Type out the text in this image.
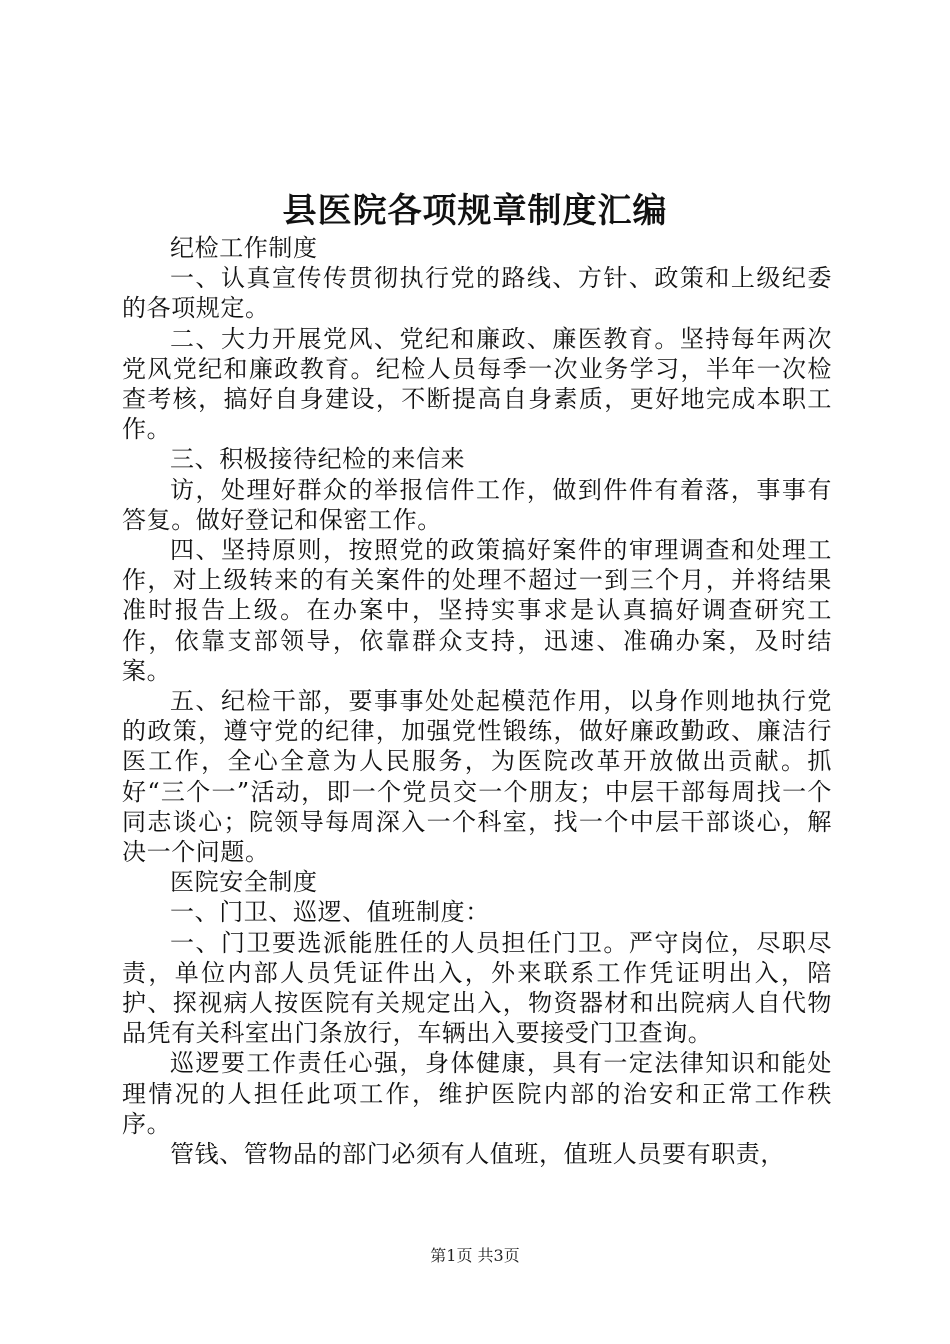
县医院各项规章制度汇编

纪检工作制度

一、认真宣传传贯彻执行党的路线、方针、政策和上级纪委的各项规定。

二、大力开展党风、党纪和廉政、廉医教育。坚持每年两次党风党纪和廉政教育。纪检人员每季一次业务学习，半年一次检查考核，搞好自身建设，不断提高自身素质，更好地完成本职工作。

三、积极接待纪检的来信来

访，处理好群众的举报信件工作，做到件件有着落，事事有答复。做好登记和保密工作。

四、坚持原则，按照党的政策搞好案件的审理调查和处理工作，对上级转来的有关案件的处理不超过一到三个月，并将结果准时报告上级。在办案中，坚持实事求是认真搞好调查研究工作，依靠支部领导，依靠群众支持，迅速、准确办案，及时结案。

五、纪检干部，要事事处处起模范作用，以身作则地执行党的政策，遵守党的纪律，加强党性锻练，做好廉政勤政、廉洁行医工作，全心全意为人民服务，为医院改革开放做出贡献。抓好“三个一”活动，即一个党员交一个朋友；中层干部每周找一个同志谈心；院领导每周深入一个科室，找一个中层干部谈心，解决一个问题。

医院安全制度

一、门卫、巡逻、值班制度：

一、门卫要选派能胜任的人员担任门卫。严守岗位，尽职尽责，单位内部人员凭证件出入，外来联系工作凭证明出入，陪护、探视病人按医院有关规定出入，物资器材和出院病人自代物品凭有关科室出门条放行，车辆出入要接受门卫查询。

巡逻要工作责任心强，身体健康，具有一定法律知识和能处理情况的人担任此项工作，维护医院内部的治安和正常工作秩序。

管钱、管物品的部门必须有人值班，值班人员要有职责，

第1页 共3页
